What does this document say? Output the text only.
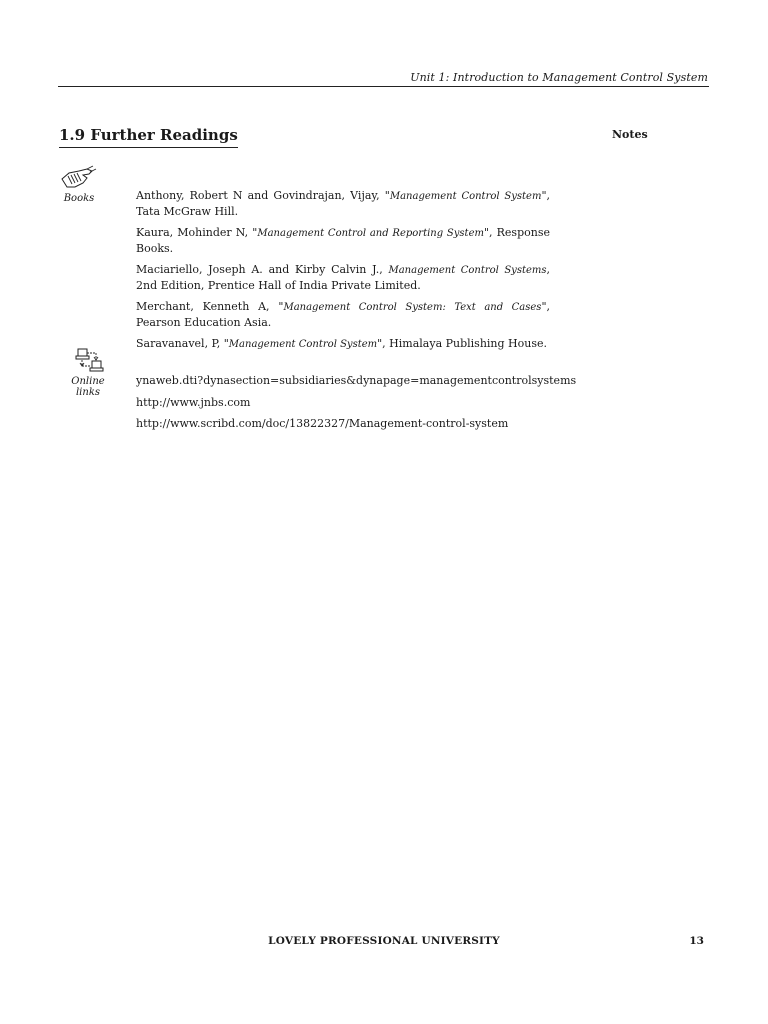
Unit 1: Introduction to Management Control System
1.9 Further Readings	Notes
Books	Anthony, Robert N and Govindrajan, Vijay, "Management Control System", Tata McGraw Hill.
Kaura, Mohinder N, "Management Control and Reporting System", Response Books.
Maciariello, Joseph A. and Kirby Calvin J., Management Control Systems, 2nd Edition, Prentice Hall of India Private Limited.
Merchant, Kenneth A, "Management Control System: Text and Cases", Pearson Education Asia.
Saravanavel, P, "Management Control System", Himalaya Publishing House.
Online links
ynaweb.dti?dynasection=subsidiaries&dynapage=managementcontrolsystems
http://www.jnbs.com
http://www.scribd.com/doc/13822327/Management-control-system
LOVELY PROFESSIONAL UNIVERSITY	13
